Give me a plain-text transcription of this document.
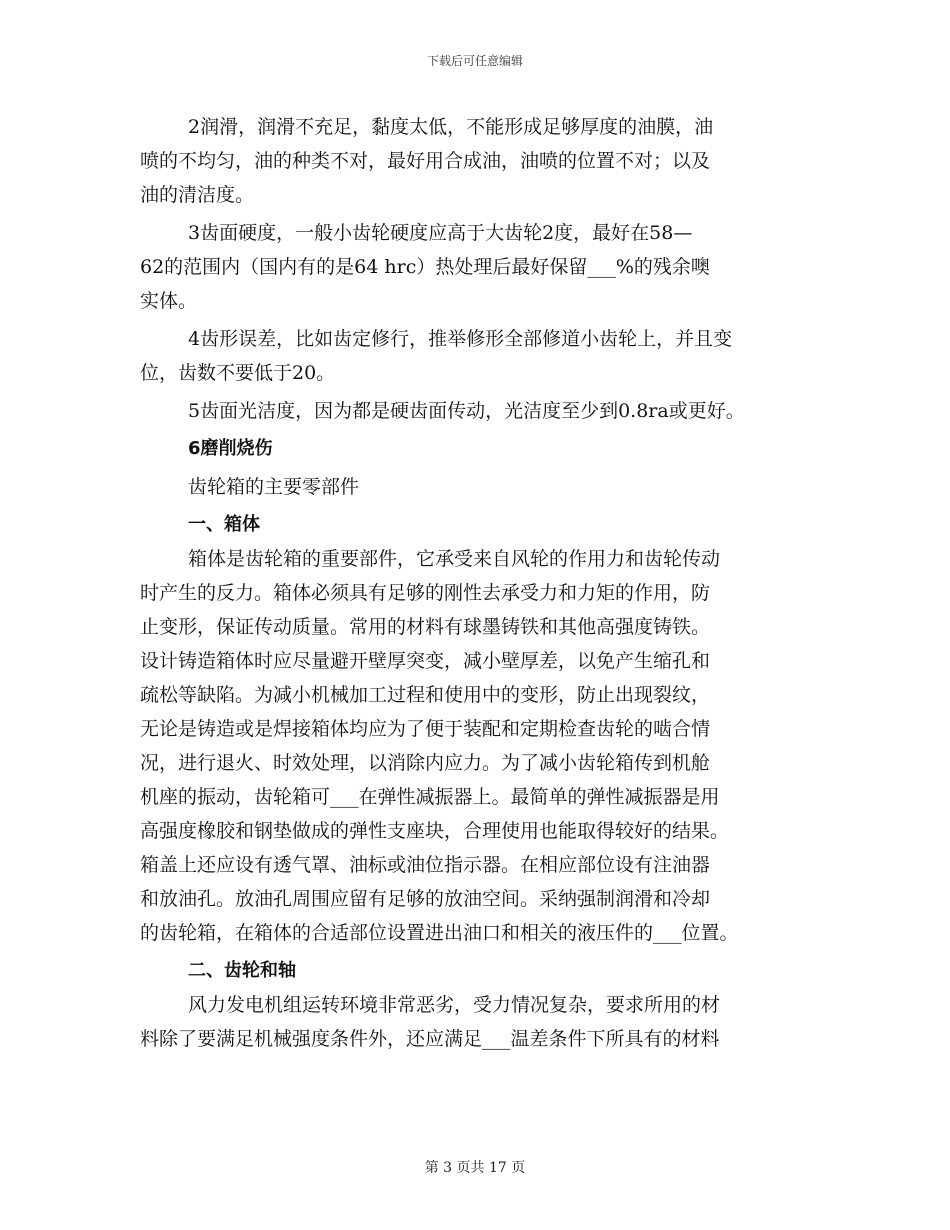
下载后可任意编辑
2润滑，润滑不充足，黏度太低，不能形成足够厚度的油膜，油
喷的不均匀，油的种类不对，最好用合成油，油喷的位置不对；以及
油的清洁度。
3齿面硬度，一般小齿轮硬度应高于大齿轮2度，最好在58—
62的范围内（国内有的是64 hrc）热处理后最好保留___%的残余噢
实体。
4齿形误差，比如齿定修行，推举修形全部修道小齿轮上，并且变
位，齿数不要低于20。
5齿面光洁度，因为都是硬齿面传动，光洁度至少到0.8ra或更好。
6磨削烧伤
齿轮箱的主要零部件
一、箱体
箱体是齿轮箱的重要部件，它承受来自风轮的作用力和齿轮传动
时产生的反力。箱体必须具有足够的刚性去承受力和力矩的作用，防
止变形，保证传动质量。常用的材料有球墨铸铁和其他高强度铸铁。
设计铸造箱体时应尽量避开壁厚突变，减小壁厚差，以免产生缩孔和
疏松等缺陷。为减小机械加工过程和使用中的变形，防止出现裂纹，
无论是铸造或是焊接箱体均应为了便于装配和定期检查齿轮的啮合情
况，进行退火、时效处理，以消除内应力。为了减小齿轮箱传到机舱
机座的振动，齿轮箱可___在弹性减振器上。最简单的弹性减振器是用
高强度橡胶和钢垫做成的弹性支座块，合理使用也能取得较好的结果。
箱盖上还应设有透气罩、油标或油位指示器。在相应部位设有注油器
和放油孔。放油孔周围应留有足够的放油空间。采纳强制润滑和冷却
的齿轮箱，在箱体的合适部位设置进出油口和相关的液压件的___位置。
二、齿轮和轴
风力发电机组运转环境非常恶劣，受力情况复杂，要求所用的材
料除了要满足机械强度条件外，还应满足___温差条件下所具有的材料
第 3 页共 17 页
